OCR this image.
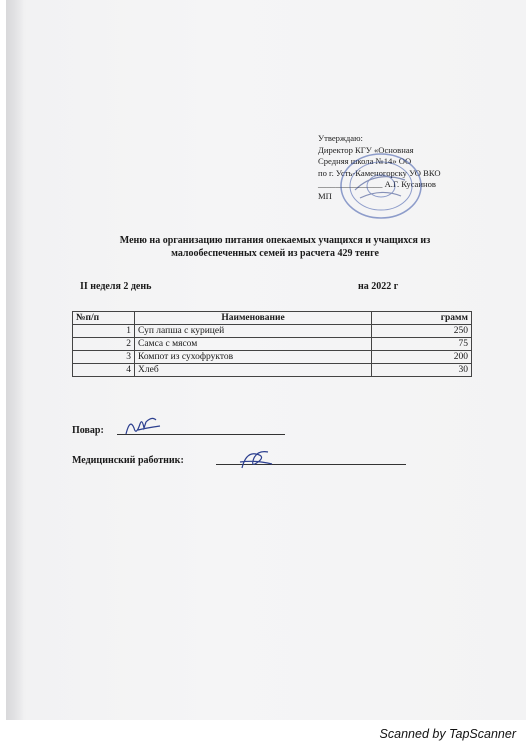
Утверждаю:
Директор КГУ «Основная
Средняя школа №14» ОО
по г. Усть-Каменогорску УО ВКО
_______________ А.Г. Кусаинов
МП
Меню на организацию питания опекаемых учащихся и учащихся из
малообеспеченных семей из расчета 429 тенге
II неделя 2 день	на 2022 г
№п/п	Наименование	грамм
1	Суп лапша с курицей	250
2	Самса с мясом	75
3	Компот из сухофруктов	200
4	Хлеб	30
Повар:
Медицинский работник:
Scanned by TapScanner
